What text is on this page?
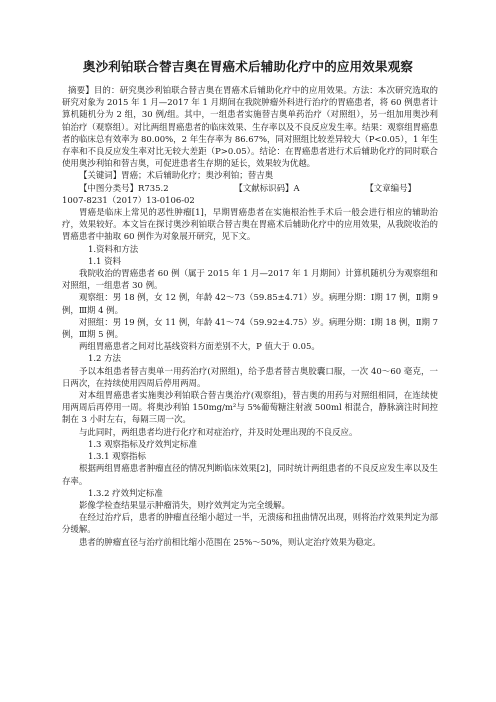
奥沙利铂联合替吉奥在胃癌术后辅助化疗中的应用效果观察

摘要】目的：研究奥沙利铂联合替吉奥在胃癌术后辅助化疗中的应用效果。方法：本次研究选取的研究对象为 2015 年 1 月—2017 年 1 月期间在我院肿瘤外科进行治疗的胃癌患者，将 60 例患者计算机随机分为 2 组，30 例/组。其中，一组患者实施替吉奥单药治疗（对照组），另一组加用奥沙利铂治疗（观察组）。对比两组胃癌患者的临床效果、生存率以及不良反应发生率。结果：观察组胃癌患者的临床总有效率为 80.00%，2 年生存率为 86.67%，同对照组比较差异较大（P<0.05），1 年生存率和不良反应发生率对比无较大差距（P>0.05）。结论：在胃癌患者进行术后辅助化疗的同时联合使用奥沙利铂和替吉奥，可促进患者生存期的延长，效果较为优越。

【关键词】胃癌；术后辅助化疗；奥沙利铂；替吉奥

【中图分类号】R735.2	【文献标识码】A	【文章编号】

1007-8231（2017）13-0106-02

胃癌是临床上常见的恶性肿瘤[1]，早期胃癌患者在实施根治性手术后一般会进行相应的辅助治疗，效果较好。本文旨在探讨奥沙利铂联合替吉奥在胃癌术后辅助化疗中的应用效果，从我院收治的胃癌患者中抽取 60 例作为对象展开研究，见下文。

1.资料和方法

1.1 资料

我院收治的胃癌患者 60 例（属于 2015 年 1 月—2017 年 1 月期间）计算机随机分为观察组和对照组，一组患者 30 例。

观察组：男 18 例，女 12 例，年龄 42～73（59.85±4.71）岁。病理分期：Ⅰ期 17 例，Ⅱ期 9 例，Ⅲ期 4 例。

对照组：男 19 例，女 11 例，年龄 41～74（59.92±4.75）岁。病理分期：Ⅰ期 18 例，Ⅱ期 7 例，Ⅲ期 5 例。

两组胃癌患者之间对比基线资料方面差别不大，P 值大于 0.05。

1.2 方法

予以本组患者替吉奥单一用药治疗(对照组)，给予患者替吉奥胶囊口服，一次 40～60 毫克，一日两次，在持续使用四周后停用两周。

对本组胃癌患者实施奥沙利铂联合替吉奥治疗(观察组)，替吉奥的用药与对照组相同，在连续使用两周后再停用一周。将奥沙利铂 150mg/m²与 5%葡萄糖注射液 500ml 相混合，静脉滴注时间控制在 3 小时左右，每隔三周一次。

与此同时，两组患者均进行化疗和对症治疗，并及时处理出现的不良反应。

1.3 观察指标及疗效判定标准

1.3.1 观察指标

根据两组胃癌患者肿瘤直径的情况判断临床效果[2]，同时统计两组患者的不良反应发生率以及生存率。

1.3.2 疗效判定标准

影像学检查结果显示肿瘤消失，则疗效判定为完全缓解。

在经过治疗后，患者的肿瘤直径缩小超过一半，无溃疡和扭曲情况出现，则将治疗效果判定为部分缓解。

患者的肿瘤直径与治疗前相比缩小范围在 25%～50%，则认定治疗效果为稳定。
